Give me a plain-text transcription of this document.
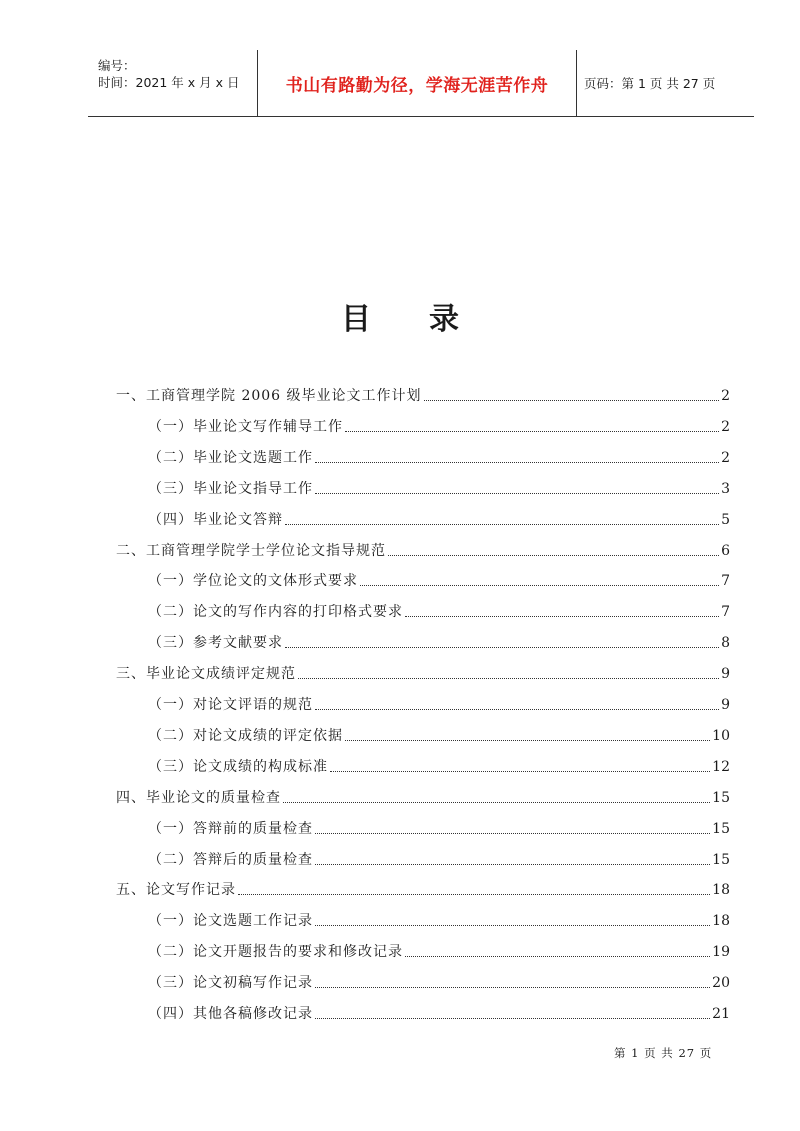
编号：
时间：2021 年 x 月 x 日	书山有路勤为径，学海无涯苦作舟	页码：第 1 页 共 27 页
目录
一、工商管理学院 2006 级毕业论文工作计划	2
（一）毕业论文写作辅导工作	2
（二）毕业论文选题工作	2
（三）毕业论文指导工作	3
（四）毕业论文答辩	5
二、工商管理学院学士学位论文指导规范	6
（一）学位论文的文体形式要求	7
（二）论文的写作内容的打印格式要求	7
（三）参考文献要求	8
三、毕业论文成绩评定规范	9
（一）对论文评语的规范	9
（二）对论文成绩的评定依据	10
（三）论文成绩的构成标准	12
四、毕业论文的质量检查	15
（一）答辩前的质量检查	15
（二）答辩后的质量检查	15
五、论文写作记录	18
（一）论文选题工作记录	18
（二）论文开题报告的要求和修改记录	19
（三）论文初稿写作记录	20
（四）其他各稿修改记录	21
第 1 页 共 27 页
